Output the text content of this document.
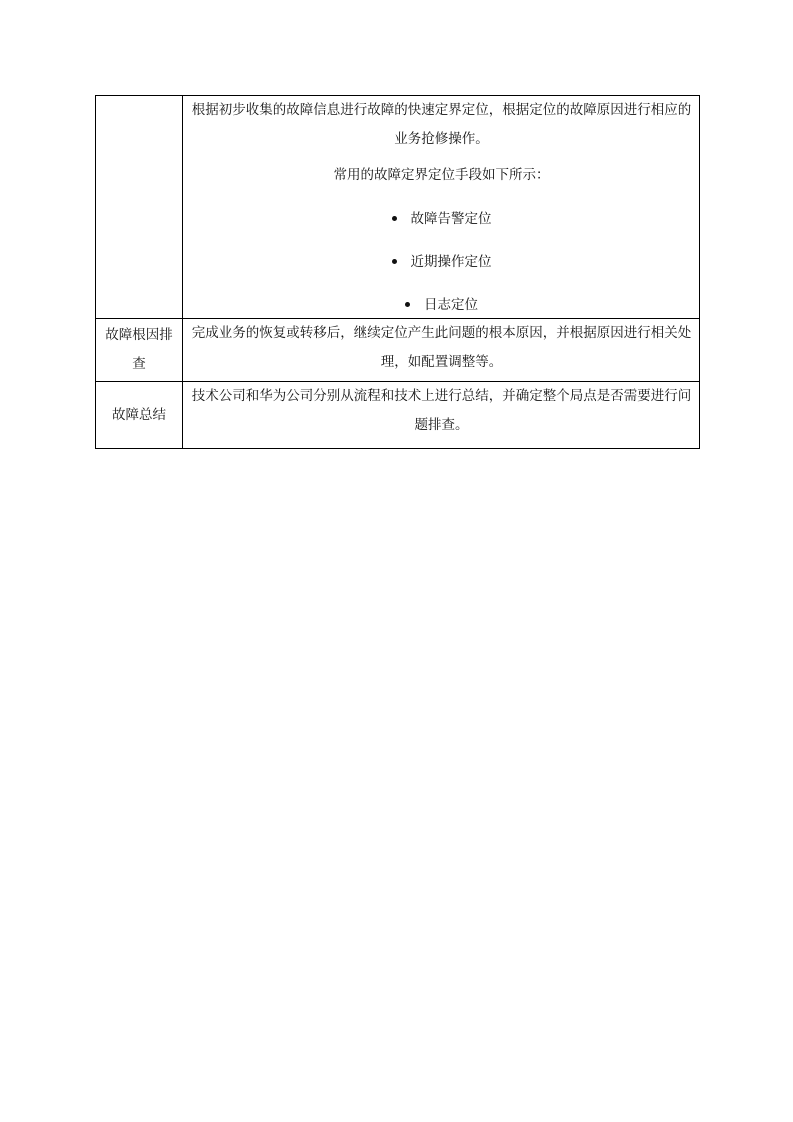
根据初步收集的故障信息进行故障的快速定界定位，根据定位的故障原因进行相应的业务抢修操作。

常用的故障定界定位手段如下所示：

故障告警定位
近期操作定位
日志定位
故障根因排查

完成业务的恢复或转移后，继续定位产生此问题的根本原因，并根据原因进行相关处理，如配置调整等。

故障总结

技术公司和华为公司分别从流程和技术上进行总结，并确定整个局点是否需要进行问题排查。
